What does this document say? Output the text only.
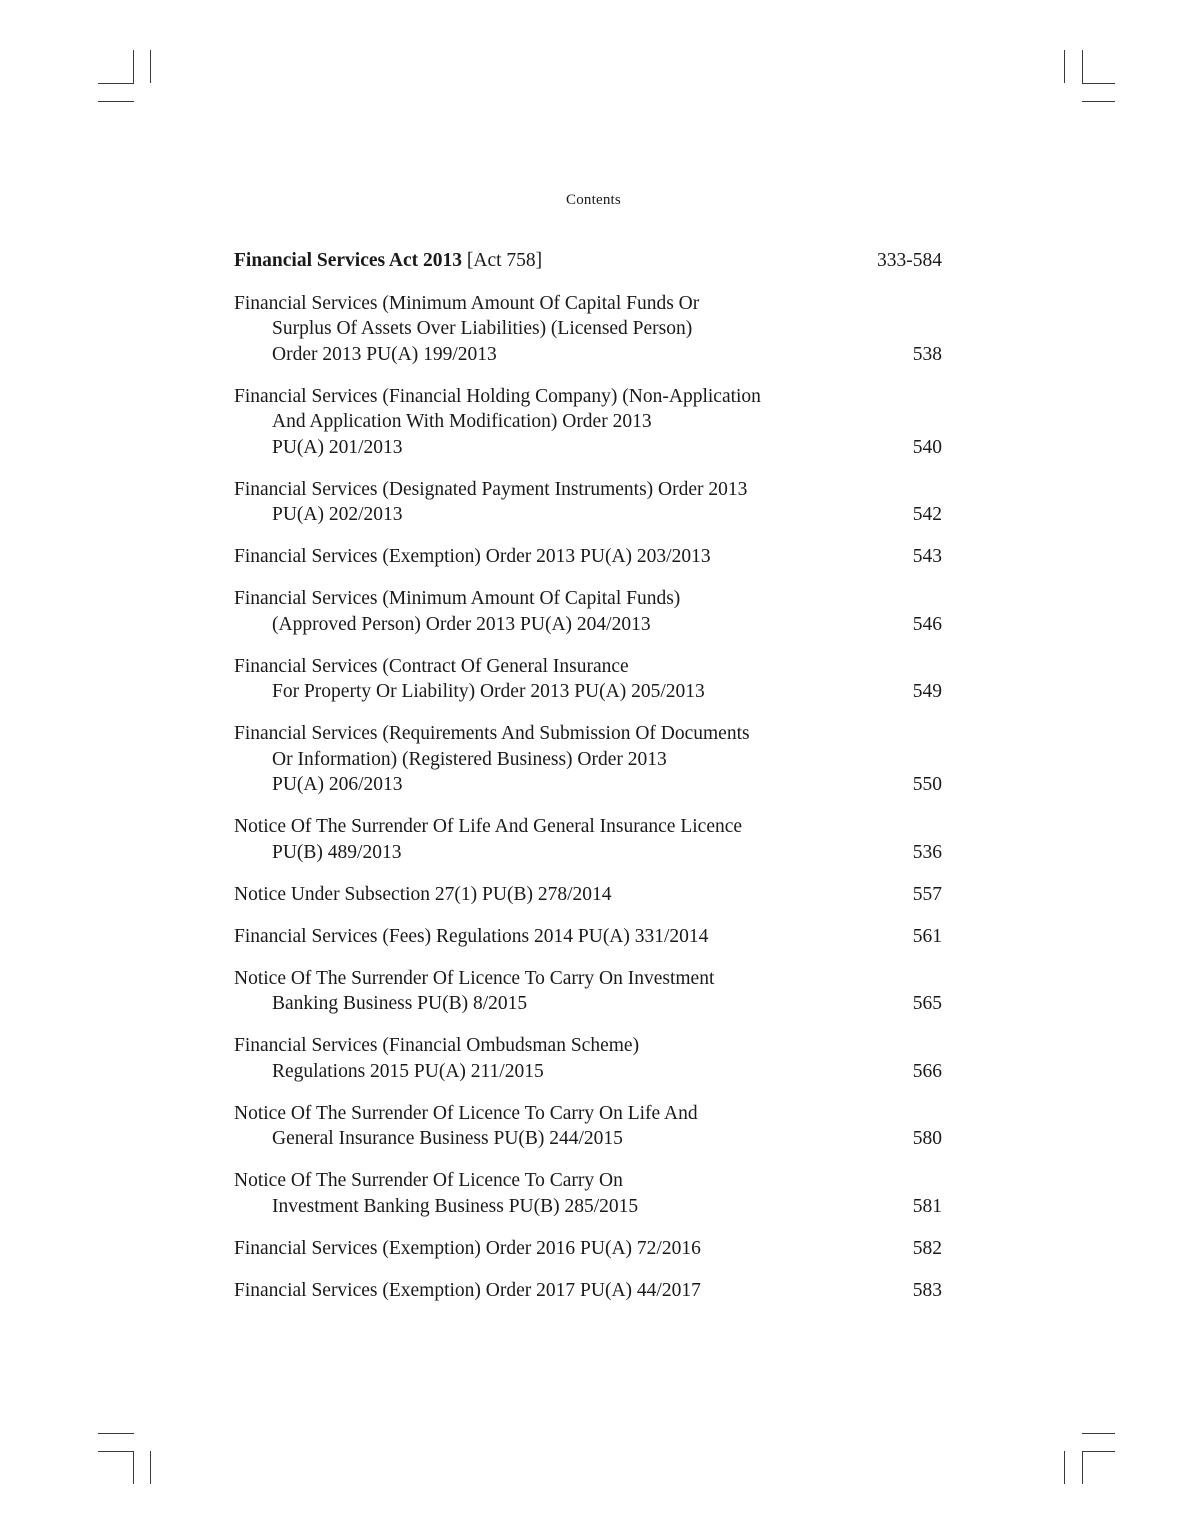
Contents
Financial Services Act 2013 [Act 758]	333-584
Financial Services (Minimum Amount Of Capital Funds Or
Surplus Of Assets Over Liabilities) (Licensed Person)
Order 2013 PU(A) 199/2013	538
Financial Services (Financial Holding Company) (Non-Application
And Application With Modification) Order 2013
PU(A) 201/2013	540
Financial Services (Designated Payment Instruments) Order 2013
PU(A) 202/2013	542
Financial Services (Exemption) Order 2013 PU(A) 203/2013	543
Financial Services (Minimum Amount Of Capital Funds)
(Approved Person) Order 2013 PU(A) 204/2013	546
Financial Services (Contract Of General Insurance
For Property Or Liability) Order 2013 PU(A) 205/2013	549
Financial Services (Requirements And Submission Of Documents
Or Information) (Registered Business) Order 2013
PU(A) 206/2013	550
Notice Of The Surrender Of Life And General Insurance Licence
PU(B) 489/2013	536
Notice Under Subsection 27(1) PU(B) 278/2014	557
Financial Services (Fees) Regulations 2014 PU(A) 331/2014	561
Notice Of The Surrender Of Licence To Carry On Investment
Banking Business PU(B) 8/2015	565
Financial Services (Financial Ombudsman Scheme)
Regulations 2015 PU(A) 211/2015	566
Notice Of The Surrender Of Licence To Carry On Life And
General Insurance Business PU(B) 244/2015	580
Notice Of The Surrender Of Licence To Carry On
Investment Banking Business PU(B) 285/2015	581
Financial Services (Exemption) Order 2016 PU(A) 72/2016	582
Financial Services (Exemption) Order 2017 PU(A) 44/2017	583
